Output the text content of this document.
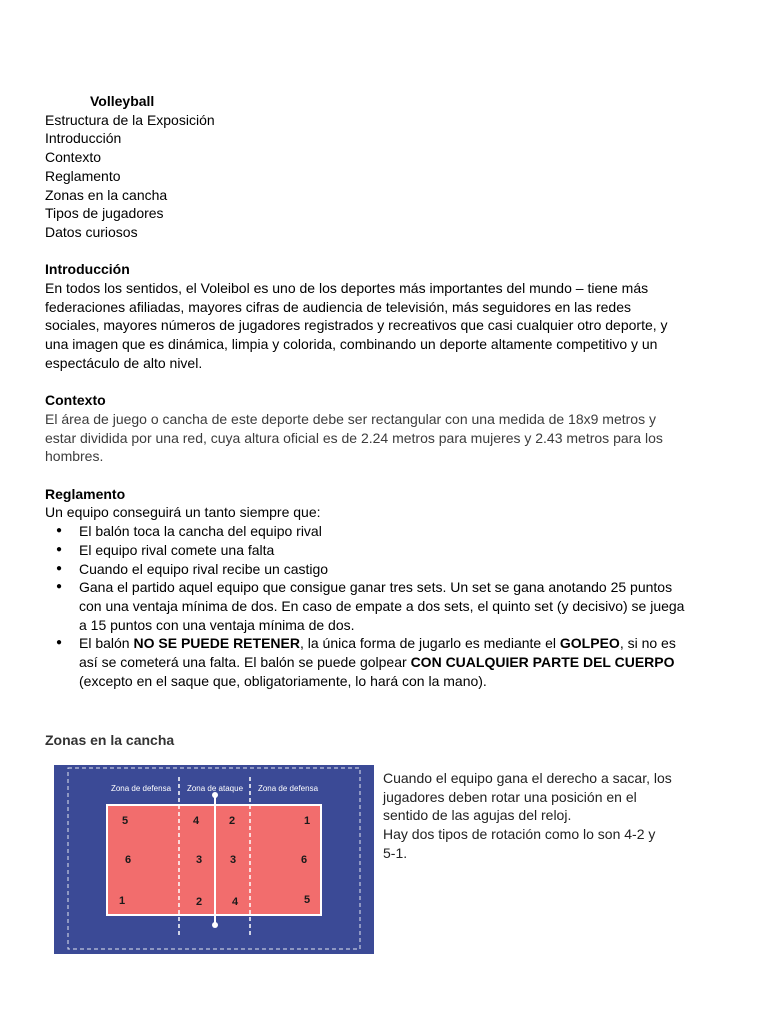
Volleyball
Estructura de la Exposición
Introducción
Contexto
Reglamento
Zonas en la cancha
Tipos de jugadores
Datos curiosos
Introducción
En todos los sentidos, el Voleibol es uno de los deportes más importantes del mundo – tiene más
federaciones afiliadas, mayores cifras de audiencia de televisión, más seguidores en las redes
sociales, mayores números de jugadores registrados y recreativos que casi cualquier otro deporte, y
una imagen que es dinámica, limpia y colorida, combinando un deporte altamente competitivo y un
espectáculo de alto nivel.
Contexto
El área de juego o cancha de este deporte debe ser rectangular con una medida de 18x9 metros y
estar dividida por una red, cuya altura oficial es de 2.24 metros para mujeres y 2.43 metros para los
hombres.
Reglamento
Un equipo conseguirá un tanto siempre que:
● El balón toca la cancha del equipo rival
● El equipo rival comete una falta
● Cuando el equipo rival recibe un castigo
● Gana el partido aquel equipo que consigue ganar tres sets. Un set se gana anotando 25 puntos
con una ventaja mínima de dos. En caso de empate a dos sets, el quinto set (y decisivo) se juega
a 15 puntos con una ventaja mínima de dos.
● El balón NO SE PUEDE RETENER, la única forma de jugarlo es mediante el GOLPEO, si no es
así se cometerá una falta. El balón se puede golpear CON CUALQUIER PARTE DEL CUERPO
(excepto en el saque que, obligatoriamente, lo hará con la mano).
Zonas en la cancha
Zona de defensa Zona de ataque Zona de defensa
5
6
1
4
3
2
2
3
4
1
6
5
Cuando el equipo gana el derecho a sacar, los
jugadores deben rotar una posición en el
sentido de las agujas del reloj.
Hay dos tipos de rotación como lo son 4-2 y
5-1.
